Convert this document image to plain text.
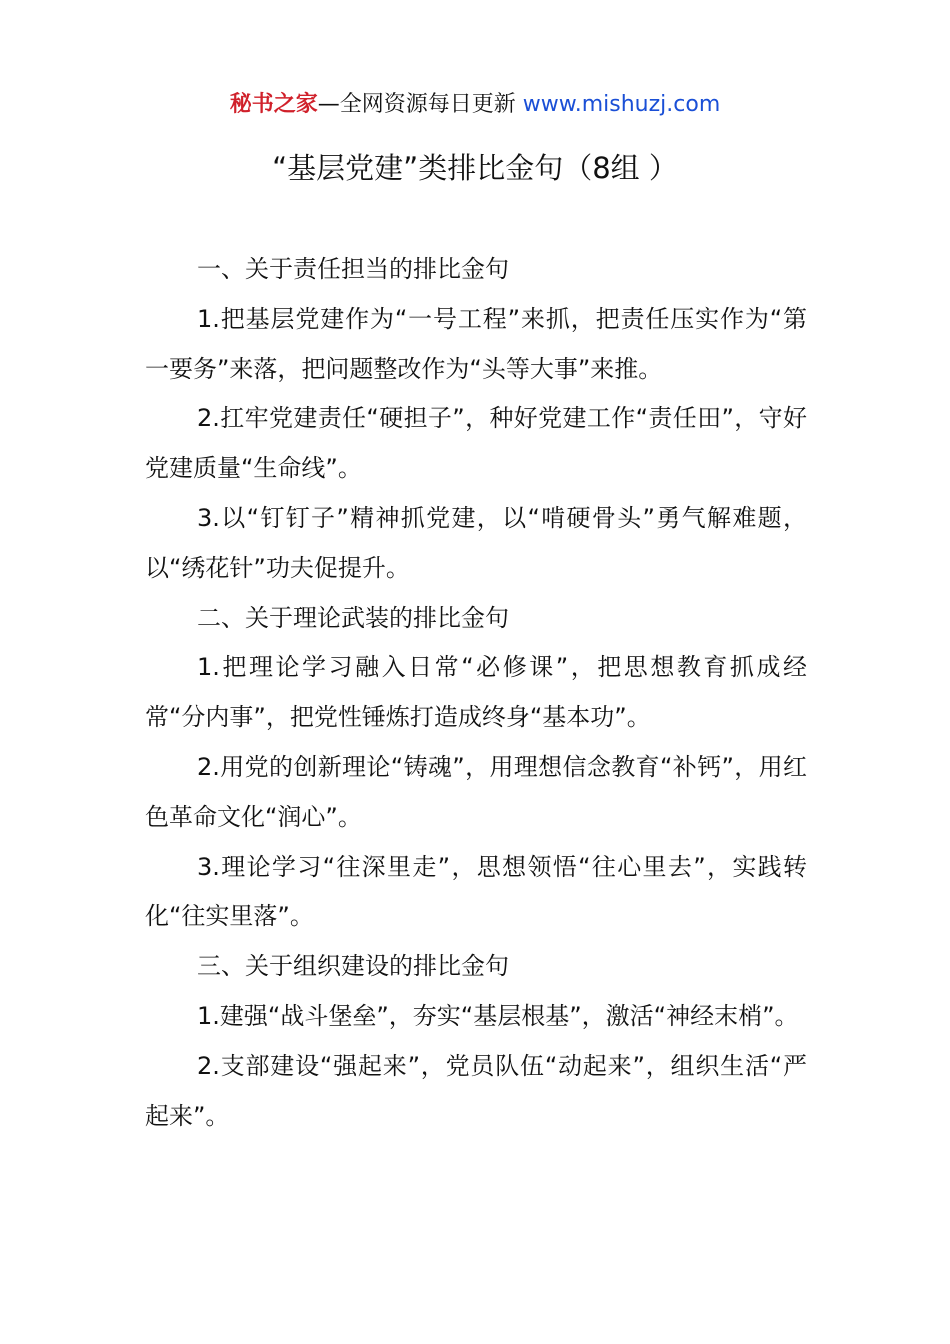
秘书之家—全网资源每日更新 www.mishuzj.com
“基层党建”类排比金句（8组 ）

一、关于责任担当的排比金句

1.把基层党建作为“一号工程”来抓，把责任压实作为“第一要务”来落，把问题整改作为“头等大事”来推。

2.扛牢党建责任“硬担子”，种好党建工作“责任田”，守好党建质量“生命线”。

3.以“钉钉子”精神抓党建，以“啃硬骨头”勇气解难题，以“绣花针”功夫促提升。

二、关于理论武装的排比金句

1.把理论学习融入日常“必修课”，把思想教育抓成经常“分内事”，把党性锤炼打造成终身“基本功”。

2.用党的创新理论“铸魂”，用理想信念教育“补钙”，用红色革命文化“润心”。

3.理论学习“往深里走”，思想领悟“往心里去”，实践转化“往实里落”。

三、关于组织建设的排比金句

1.建强“战斗堡垒”，夯实“基层根基”，激活“神经末梢”。

2.支部建设“强起来”，党员队伍“动起来”，组织生活“严起来”。
